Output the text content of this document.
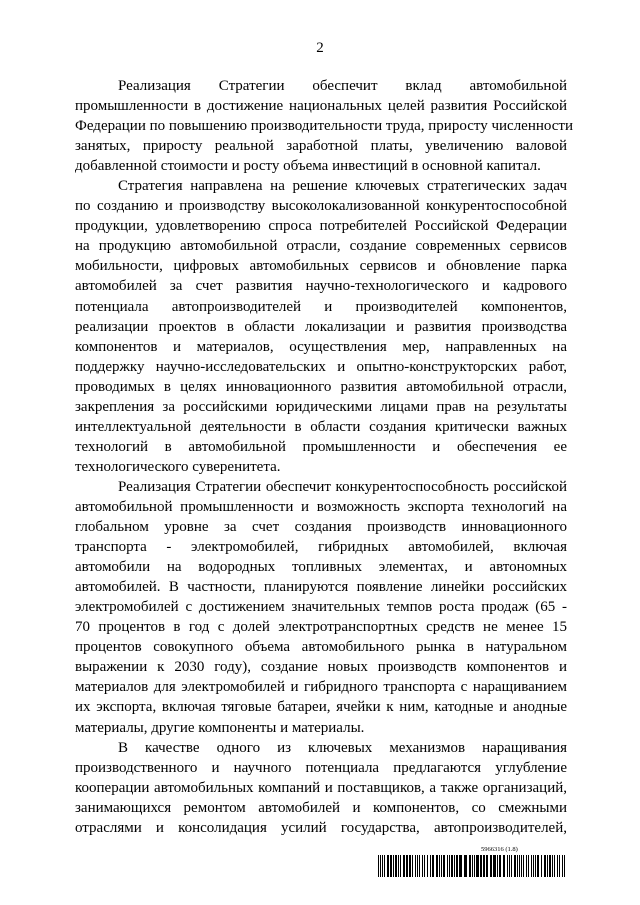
2
Реализация Стратегии обеспечит вклад автомобильной
промышленности в достижение национальных целей развития Российской
Федерации по повышению производительности труда, приросту численности
занятых, приросту реальной заработной платы, увеличению валовой
добавленной стоимости и росту объема инвестиций в основной капитал.
Стратегия направлена на решение ключевых стратегических задач
по созданию и производству высоколокализованной конкурентоспособной
продукции, удовлетворению спроса потребителей Российской Федерации
на продукцию автомобильной отрасли, создание современных сервисов
мобильности, цифровых автомобильных сервисов и обновление парка
автомобилей за счет развития научно-технологического и кадрового
потенциала автопроизводителей и производителей компонентов,
реализации проектов в области локализации и развития производства
компонентов и материалов, осуществления мер, направленных на
поддержку научно-исследовательских и опытно-конструкторских работ,
проводимых в целях инновационного развития автомобильной отрасли,
закрепления за российскими юридическими лицами прав на результаты
интеллектуальной деятельности в области создания критически важных
технологий в автомобильной промышленности и обеспечения ее
технологического суверенитета.
Реализация Стратегии обеспечит конкурентоспособность российской
автомобильной промышленности и возможность экспорта технологий на
глобальном уровне за счет создания производств инновационного
транспорта - электромобилей, гибридных автомобилей, включая
автомобили на водородных топливных элементах, и автономных
автомобилей. В частности, планируются появление линейки российских
электромобилей с достижением значительных темпов роста продаж (65 -
70 процентов в год с долей электротранспортных средств не менее 15
процентов совокупного объема автомобильного рынка в натуральном
выражении к 2030 году), создание новых производств компонентов и
материалов для электромобилей и гибридного транспорта с наращиванием
их экспорта, включая тяговые батареи, ячейки к ним, катодные и анодные
материалы, другие компоненты и материалы.
В качестве одного из ключевых механизмов наращивания
производственного и научного потенциала предлагаются углубление
кооперации автомобильных компаний и поставщиков, а также организаций,
занимающихся ремонтом автомобилей и компонентов, со смежными
отраслями и консолидация усилий государства, автопроизводителей,
5966316 (1.8)
